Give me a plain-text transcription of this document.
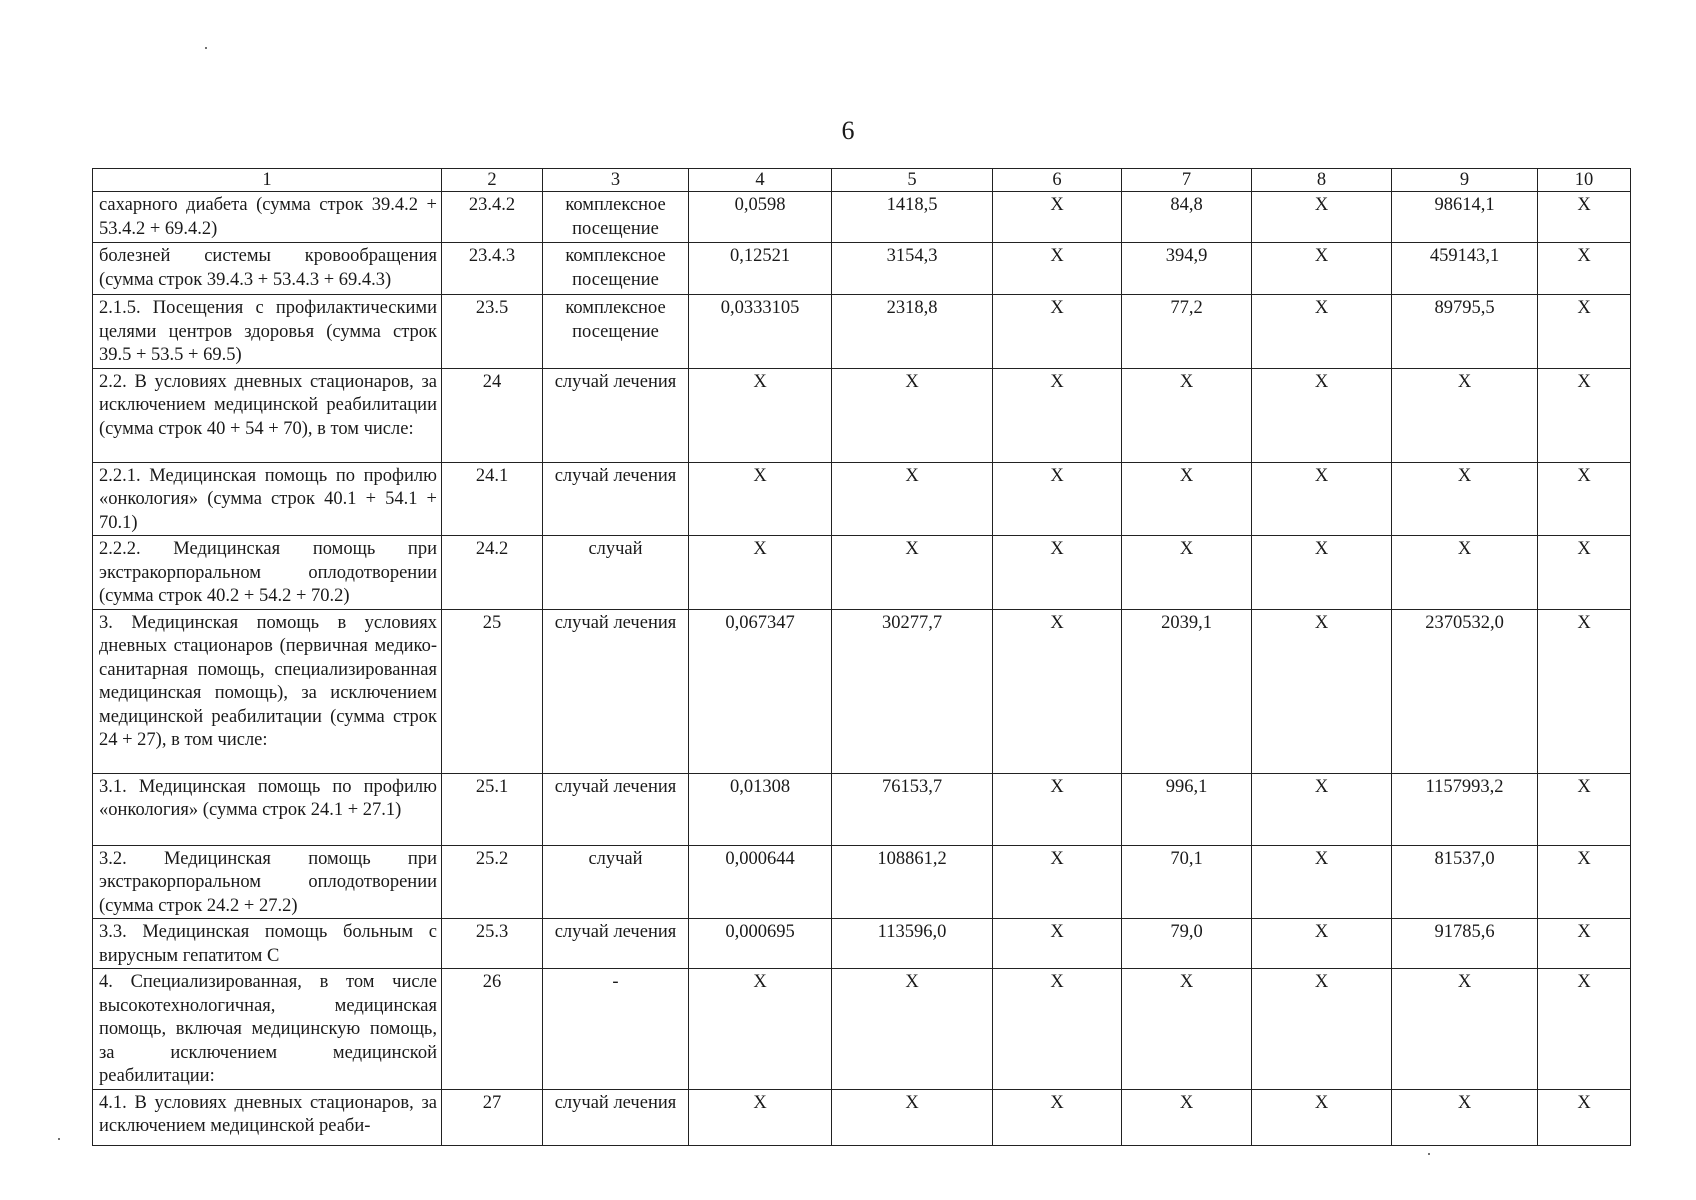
6
1	2	3	4	5	6	7	8	9	10
сахарного диабета (сумма строк 39.4.2 + 53.4.2 + 69.4.2)	23.4.2	комплексное посещение	0,0598	1418,5	X	84,8	X	98614,1	X
болезней системы кровообращения (сумма строк 39.4.3 + 53.4.3 + 69.4.3)	23.4.3	комплексное посещение	0,12521	3154,3	X	394,9	X	459143,1	X
2.1.5. Посещения с профилактическими целями центров здоровья (сумма строк 39.5 + 53.5 + 69.5)	23.5	комплексное посещение	0,0333105	2318,8	X	77,2	X	89795,5	X
2.2. В условиях дневных стационаров, за исключением медицинской реабилитации (сумма строк 40 + 54 + 70), в том числе:	24	случай лечения	X	X	X	X	X	X	X
2.2.1. Медицинская помощь по профилю «онкология» (сумма строк 40.1 + 54.1 + 70.1)	24.1	случай лечения	X	X	X	X	X	X	X
2.2.2. Медицинская помощь при экстракорпоральном оплодотворении (сумма строк 40.2 + 54.2 + 70.2)	24.2	случай	X	X	X	X	X	X	X
3. Медицинская помощь в условиях дневных стационаров (первичная медико-санитарная помощь, специализированная медицинская помощь), за исключением медицинской реабилитации (сумма строк 24 + 27), в том числе:	25	случай лечения	0,067347	30277,7	X	2039,1	X	2370532,0	X
3.1. Медицинская помощь по профилю «онкология» (сумма строк 24.1 + 27.1)	25.1	случай лечения	0,01308	76153,7	X	996,1	X	1157993,2	X
3.2. Медицинская помощь при экстракорпоральном оплодотворении (сумма строк 24.2 + 27.2)	25.2	случай	0,000644	108861,2	X	70,1	X	81537,0	X
3.3. Медицинская помощь больным с вирусным гепатитом С	25.3	случай лечения	0,000695	113596,0	X	79,0	X	91785,6	X
4. Специализированная, в том числе высокотехнологичная, медицинская помощь, включая медицинскую помощь, за исключением медицинской реабилитации:	26	-	X	X	X	X	X	X	X
4.1. В условиях дневных стационаров, за исключением медицинской реаби-	27	случай лечения	X	X	X	X	X	X	X
